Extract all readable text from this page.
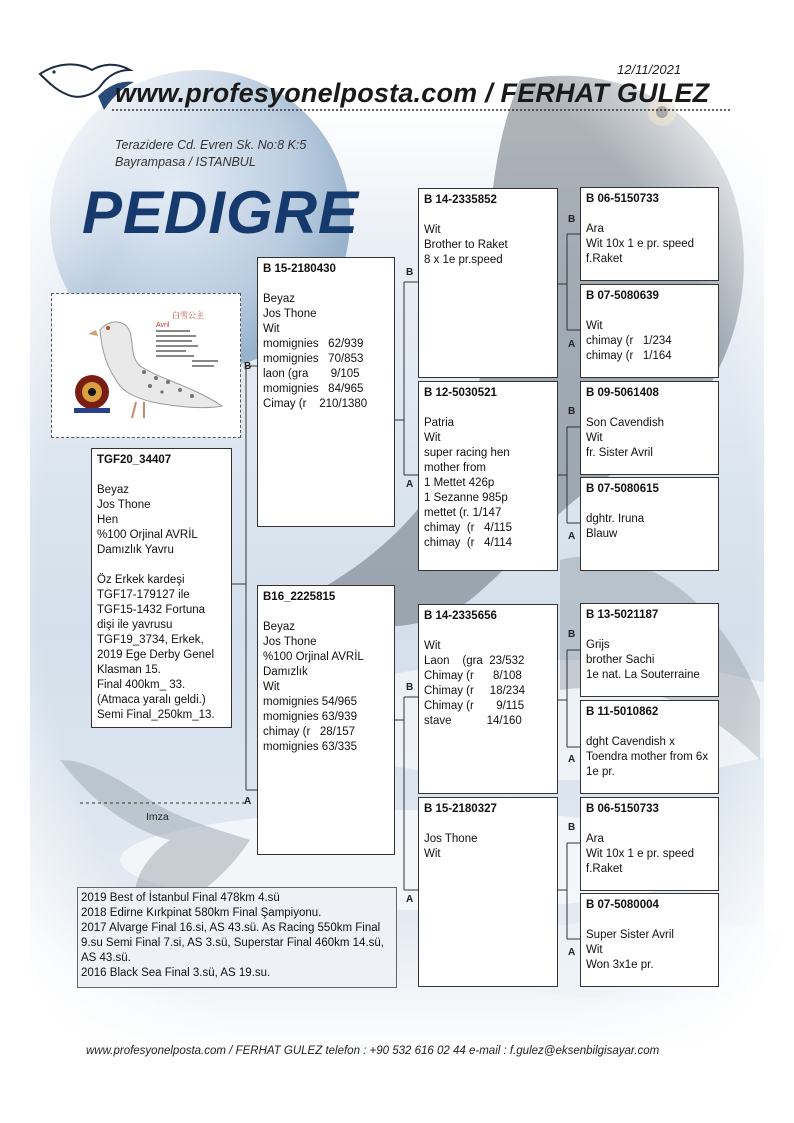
12/11/2021
www.profesyonelposta.com / FERHAT GULEZ
Terazidere Cd. Evren Sk. No:8 K:5
Bayrampasa / ISTANBUL
PEDIGRE
白雪公主
Avril
B
A
B
A
B
A
B
A
B
A
B
A
B
A
TGF20_34407
Beyaz
Jos Thone
Hen
%100 Orjinal AVRİL
Damızlık Yavru
Öz Erkek kardeşi
TGF17-179127 ile
TGF15-1432 Fortuna
dişi ile yavrusu
TGF19_3734, Erkek,
2019 Ege Derby Genel
Klasman 15.
Final 400km_ 33.
(Atmaca yaralı geldi.)
Semi Final_250km_13.
B 15-2180430
Beyaz
Jos Thone
Wit
momignies   62/939
momignies   70/853
laon (gra       9/105
momignies   84/965
Cimay (r    210/1380
B16_2225815
Beyaz
Jos Thone
%100 Orjinal AVRİL
Damızlık
Wit
momignies 54/965
momignies 63/939
chimay (r   28/157
momignies 63/335
B 14-2335852
Wit
Brother to Raket
8 x 1e pr.speed
B 12-5030521
Patria
Wit
super racing hen
mother from
1 Mettet 426p
1 Sezanne 985p
mettet (r. 1/147
chimay  (r   4/115
chimay  (r   4/114
B 14-2335656
Wit
Laon    (gra  23/532
Chimay (r      8/108
Chimay (r     18/234
Chimay (r       9/115
stave           14/160
B 15-2180327
Jos Thone
Wit
B 06-5150733
Ara
Wit 10x 1 e pr. speed
f.Raket
B 07-5080639
Wit
chimay (r   1/234
chimay (r   1/164
B 09-5061408
Son Cavendish
Wit
fr. Sister Avril
B 07-5080615
dghtr. Iruna
Blauw
B 13-5021187
Grijs
brother Sachi
1e nat. La Souterraine
B 11-5010862
dght Cavendish x Toendra mother from 6x 1e pr.
B 06-5150733
Ara
Wit 10x 1 e pr. speed
f.Raket
B 07-5080004
Super Sister Avril
Wit
Won 3x1e pr.
Imza
2019 Best of İstanbul Final 478km 4.sü
2018 Edirne Kırkpinat 580km Final Şampiyonu.
2017 Alvarge Final 16.si, AS 43.sü. As Racing 550km Final 9.su Semi Final 7.si, AS 3.sü, Superstar Final 460km 14.sü, AS 43.sü.
2016 Black Sea Final 3.sü, AS 19.su.
www.profesyonelposta.com / FERHAT GULEZ telefon : +90 532 616 02 44 e-mail : f.gulez@eksenbilgisayar.com
